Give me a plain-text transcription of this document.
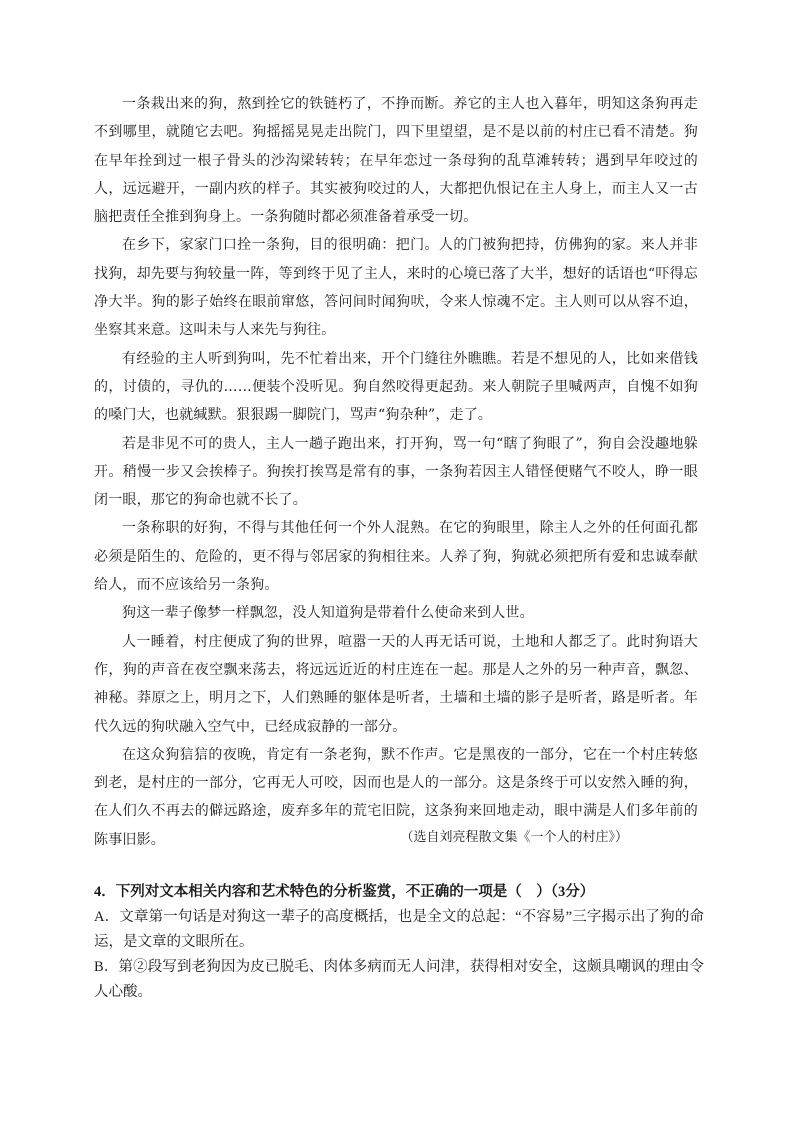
一条栽出来的狗，熬到拴它的铁链朽了，不挣而断。养它的主人也入暮年，明知这条狗再走不到哪里，就随它去吧。狗摇摇晃晃走出院门，四下里望望，是不是以前的村庄已看不清楚。狗在早年拴到过一根子骨头的沙沟梁转转；在早年恋过一条母狗的乱草滩转转；遇到早年咬过的人，远远避开，一副内疚的样子。其实被狗咬过的人，大都把仇恨记在主人身上，而主人又一古脑把责任全推到狗身上。一条狗随时都必须准备着承受一切。

在乡下，家家门口拴一条狗，目的很明确：把门。人的门被狗把持，仿佛狗的家。来人并非找狗，却先要与狗较量一阵，等到终于见了主人，来时的心境已落了大半，想好的话语也“吓得忘净大半。狗的影子始终在眼前窜悠，答问间时闻狗吠，令来人惊魂不定。主人则可以从容不迫，坐察其来意。这叫未与人来先与狗往。

有经验的主人听到狗叫，先不忙着出来，开个门缝往外瞧瞧。若是不想见的人，比如来借钱的，讨债的，寻仇的……便装个没听见。狗自然咬得更起劲。来人朝院子里喊两声，自愧不如狗的嗓门大，也就缄默。狠狠踢一脚院门，骂声“狗杂种”，走了。

若是非见不可的贵人，主人一趟子跑出来，打开狗，骂一句“瞎了狗眼了”，狗自会没趣地躲开。稍慢一步又会挨棒子。狗挨打挨骂是常有的事，一条狗若因主人错怪便赌气不咬人，睁一眼闭一眼，那它的狗命也就不长了。

一条称职的好狗，不得与其他任何一个外人混熟。在它的狗眼里，除主人之外的任何面孔都必须是陌生的、危险的，更不得与邻居家的狗相往来。人养了狗，狗就必须把所有爱和忠诚奉献给人，而不应该给另一条狗。

狗这一辈子像梦一样飘忽，没人知道狗是带着什么使命来到人世。

人一睡着，村庄便成了狗的世界，喧嚣一天的人再无话可说，土地和人都乏了。此时狗语大作，狗的声音在夜空飘来荡去，将远远近近的村庄连在一起。那是人之外的另一种声音，飘忽、神秘。莽原之上，明月之下，人们熟睡的躯体是听者，土墙和土墙的影子是听者，路是听者。年代久远的狗吠融入空气中，已经成寂静的一部分。

在这众狗狺狺的夜晚，肯定有一条老狗，默不作声。它是黑夜的一部分，它在一个村庄转悠到老，是村庄的一部分，它再无人可咬，因而也是人的一部分。这是条终于可以安然入睡的狗，在人们久不再去的僻远路途，废弃多年的荒宅旧院，这条狗来回地走动，眼中满是人们多年前的陈事旧影。	（选自刘亮程散文集《一个人的村庄》）

4．下列对文本相关内容和艺术特色的分析鉴赏，不正确的一项是（　）（3分）

A．文章第一句话是对狗这一辈子的高度概括，也是全文的总起：“不容易”三字揭示出了狗的命运，是文章的文眼所在。

B．第②段写到老狗因为皮已脱毛、肉体多病而无人问津，获得相对安全，这颇具嘲讽的理由令人心酸。
